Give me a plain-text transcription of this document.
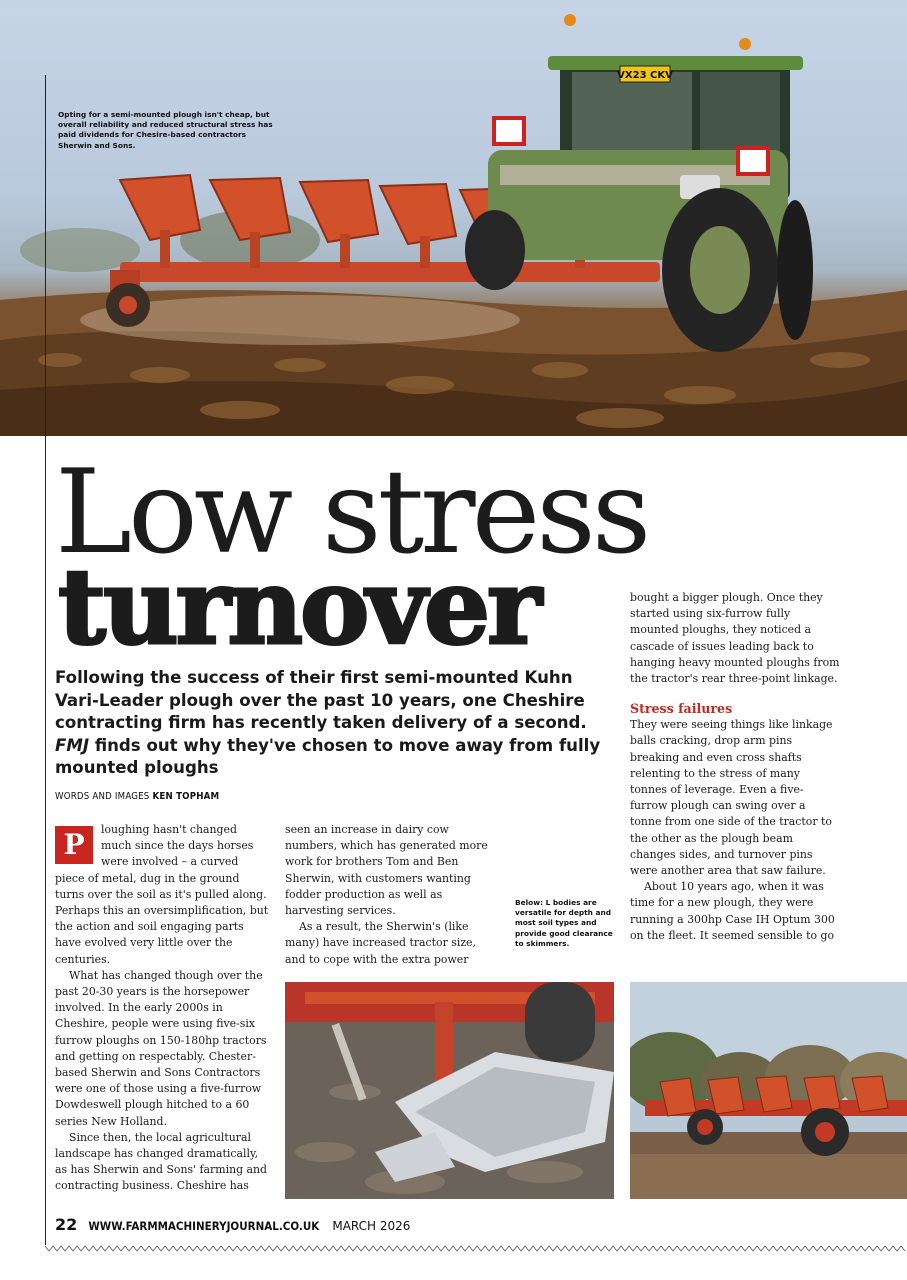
VX23 CKV
Opting for a semi-mounted plough isn't cheap, but overall reliability and reduced structural stress has paid dividends for Chesire-based contractors Sherwin and Sons.
Low stress
turnover
Following the success of their first semi-mounted Kuhn Vari-Leader plough over the past 10 years, one Cheshire contracting firm has recently taken delivery of a second. FMJ finds out why they've chosen to move away from fully mounted ploughs
WORDS AND IMAGES KEN TOPHAM

P	loughing hasn't changed much since the days horses were involved – a curved piece of metal, dug in the ground turns over the soil as it's pulled along. Perhaps this an oversimplification, but the action and soil engaging parts have evolved very little over the centuries.

What has changed though over the past 20-30 years is the horsepower involved. In the early 2000s in Cheshire, people were using five-six furrow ploughs on 150-180hp tractors and getting on respectably. Chester-based Sherwin and Sons Contractors were one of those using a five-furrow Dowdeswell plough hitched to a 60 series New Holland.

Since then, the local agricultural landscape has changed dramatically, as has Sherwin and Sons' farming and contracting business. Cheshire has

seen an increase in dairy cow numbers, which has generated more work for brothers Tom and Ben Sherwin, with customers wanting fodder production as well as harvesting services.

As a result, the Sherwin's (like many) have increased tractor size, and to cope with the extra power

Below: L bodies are versatile for depth and most soil types and provide good clearance to skimmers.

bought a bigger plough. Once they started using six-furrow fully mounted ploughs, they noticed a cascade of issues leading back to hanging heavy mounted ploughs from the tractor's rear three-point linkage.

Stress failures

They were seeing things like linkage balls cracking, drop arm pins breaking and even cross shafts relenting to the stress of many tonnes of leverage. Even a five-furrow plough can swing over a tonne from one side of the tractor to the other as the plough beam changes sides, and turnover pins were another area that saw failure.

About 10 years ago, when it was time for a new plough, they were running a 300hp Case IH Optum 300 on the fleet. It seemed sensible to go

22 WWW.FARMMACHINERYJOURNAL.CO.UK MARCH 2026
